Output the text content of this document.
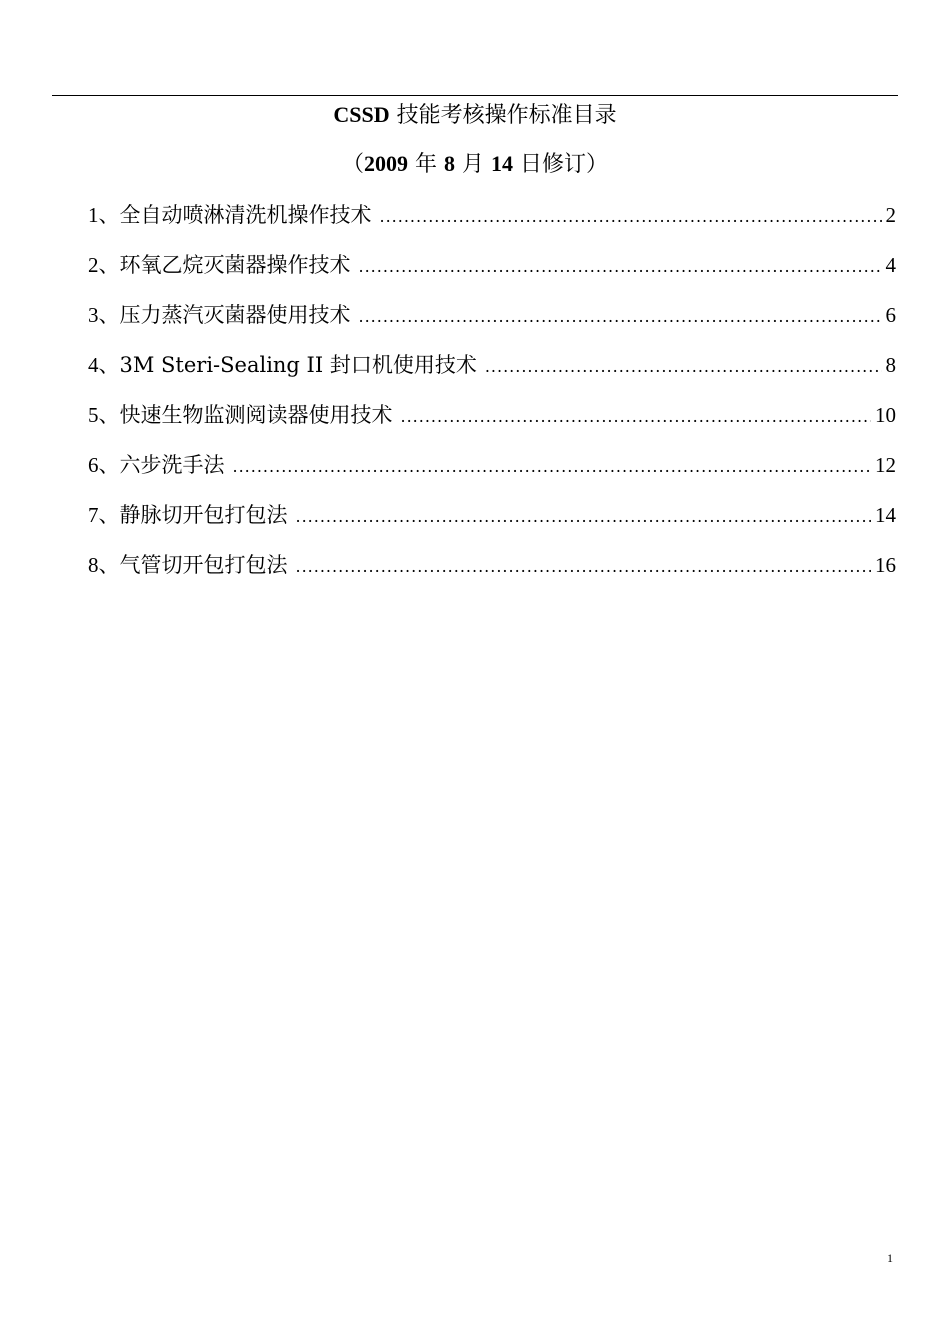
CSSD 技能考核操作标准目录
（2009 年 8 月 14 日修订）
1、 全自动喷淋清洗机操作技术 .....	2
2、 环氧乙烷灭菌器操作技术 .....	4
3、 压力蒸汽灭菌器使用技术 .....	6
4、 3M Steri-Sealing II 封口机使用技术 .....	8
5、 快速生物监测阅读器使用技术 .....	10
6、 六步洗手法 .....	12
7、 静脉切开包打包法 .....	14
8、 气管切开包打包法 .....	16
1
